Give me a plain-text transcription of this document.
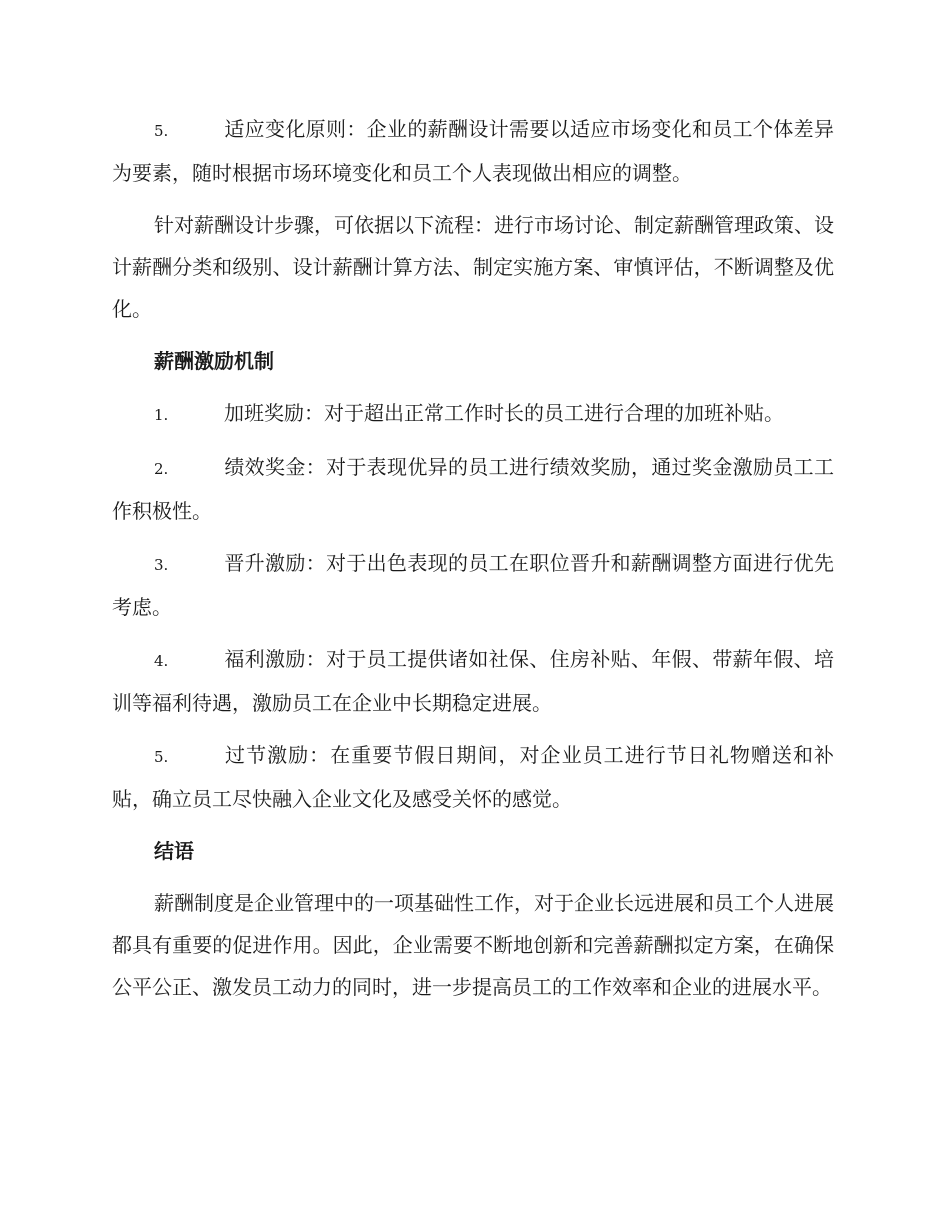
5.	适应变化原则：企业的薪酬设计需要以适应市场变化和员工个体差异为要素，随时根据市场环境变化和员工个人表现做出相应的调整。

针对薪酬设计步骤，可依据以下流程：进行市场讨论、制定薪酬管理政策、设计薪酬分类和级别、设计薪酬计算方法、制定实施方案、审慎评估，不断调整及优化。

薪酬激励机制

1.	加班奖励：对于超出正常工作时长的员工进行合理的加班补贴。

2.	绩效奖金：对于表现优异的员工进行绩效奖励，通过奖金激励员工工作积极性。

3.	晋升激励：对于出色表现的员工在职位晋升和薪酬调整方面进行优先考虑。

4.	福利激励：对于员工提供诸如社保、住房补贴、年假、带薪年假、培训等福利待遇，激励员工在企业中长期稳定进展。

5.	过节激励：在重要节假日期间，对企业员工进行节日礼物赠送和补贴，确立员工尽快融入企业文化及感受关怀的感觉。

结语

薪酬制度是企业管理中的一项基础性工作，对于企业长远进展和员工个人进展都具有重要的促进作用。因此，企业需要不断地创新和完善薪酬拟定方案，在确保公平公正、激发员工动力的同时，进一步提高员工的工作效率和企业的进展水平。
